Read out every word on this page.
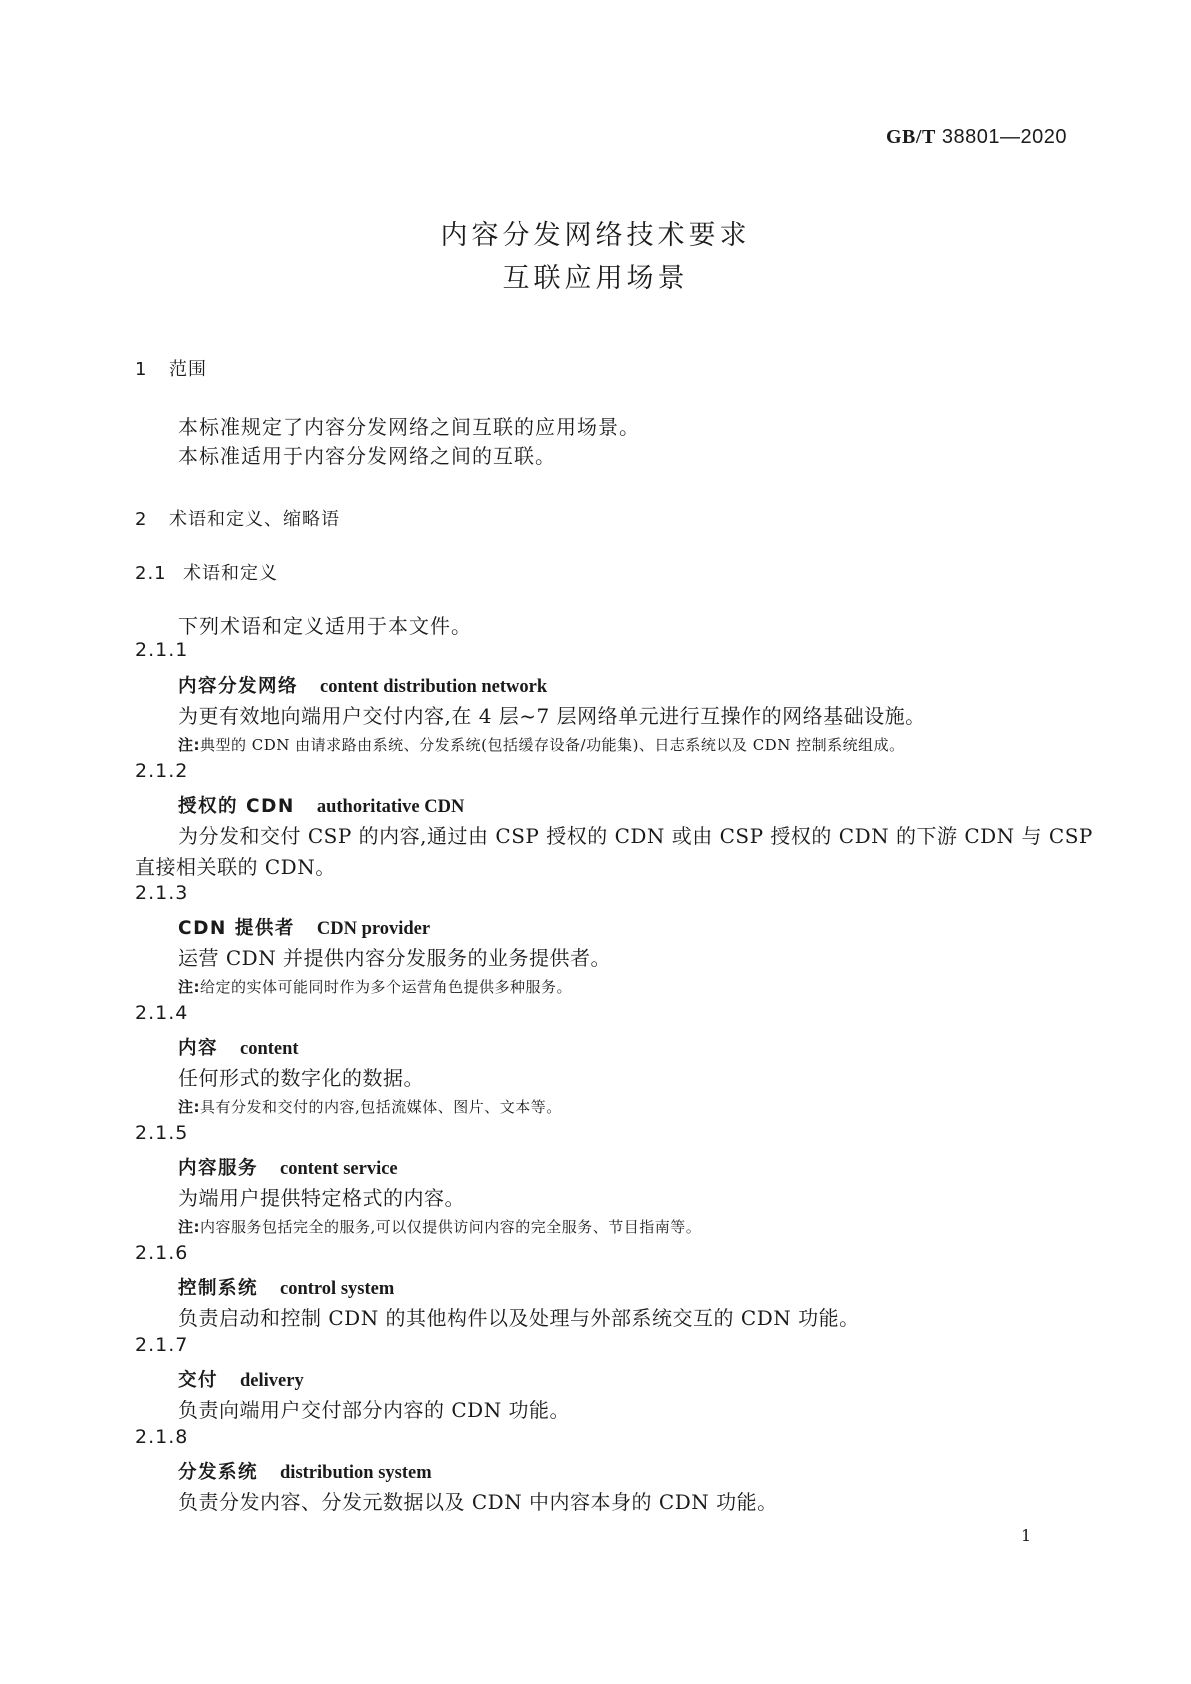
GB/T 38801—2020
内容分发网络技术要求
互联应用场景
1 范围
本标准规定了内容分发网络之间互联的应用场景。
本标准适用于内容分发网络之间的互联。
2 术语和定义、缩略语
2.1 术语和定义
下列术语和定义适用于本文件。
2.1.1
内容分发网络 content distribution network
为更有效地向端用户交付内容,在 4 层~7 层网络单元进行互操作的网络基础设施。
注:典型的 CDN 由请求路由系统、分发系统(包括缓存设备/功能集)、日志系统以及 CDN 控制系统组成。
2.1.2
授权的 CDN authoritative CDN
为分发和交付 CSP 的内容,通过由 CSP 授权的 CDN 或由 CSP 授权的 CDN 的下游 CDN 与 CSP
直接相关联的 CDN。
2.1.3
CDN 提供者 CDN provider
运营 CDN 并提供内容分发服务的业务提供者。
注:给定的实体可能同时作为多个运营角色提供多种服务。
2.1.4
内容 content
任何形式的数字化的数据。
注:具有分发和交付的内容,包括流媒体、图片、文本等。
2.1.5
内容服务 content service
为端用户提供特定格式的内容。
注:内容服务包括完全的服务,可以仅提供访问内容的完全服务、节目指南等。
2.1.6
控制系统 control system
负责启动和控制 CDN 的其他构件以及处理与外部系统交互的 CDN 功能。
2.1.7
交付 delivery
负责向端用户交付部分内容的 CDN 功能。
2.1.8
分发系统 distribution system
负责分发内容、分发元数据以及 CDN 中内容本身的 CDN 功能。
1
